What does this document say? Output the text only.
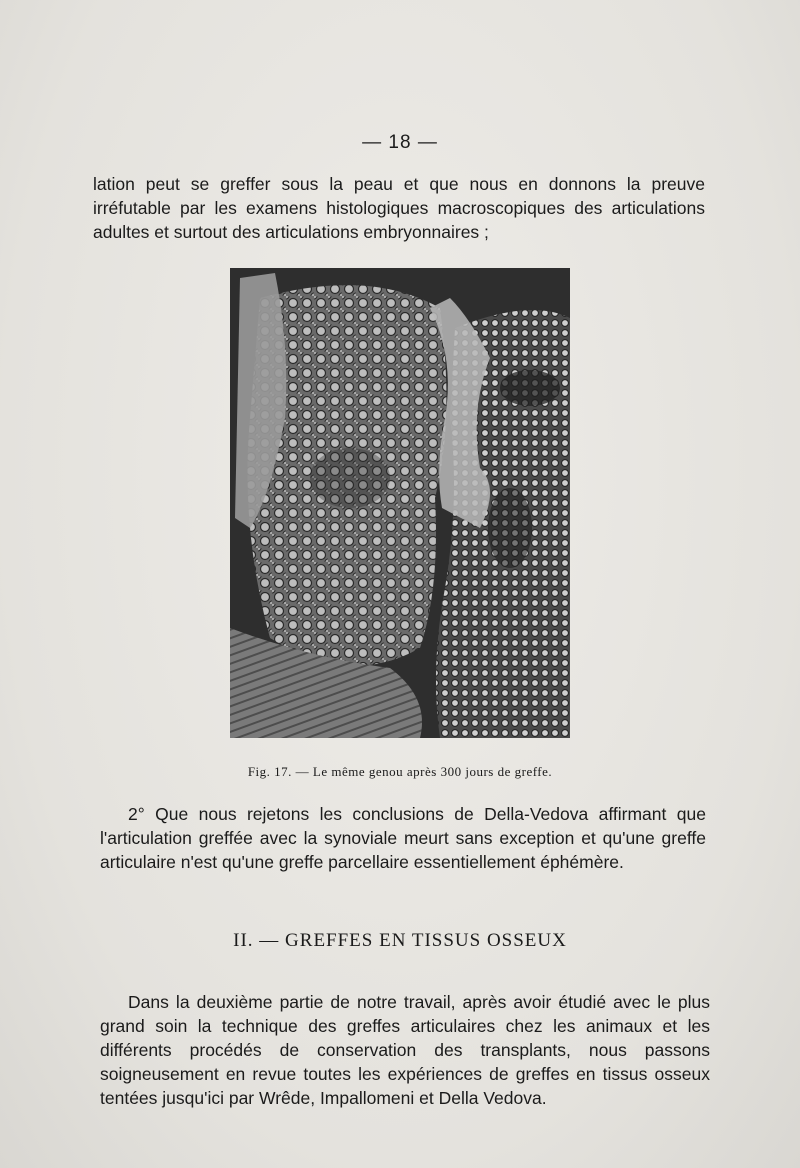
— 18 —

lation peut se greffer sous la peau et que nous en donnons la preuve irréfutable par les examens histologiques macroscopiques des articulations adultes et surtout des articulations embryonnaires ;

Fig. 17. — Le même genou après 300 jours de greffe.

2° Que nous rejetons les conclusions de Della-Vedova affirmant que l'articulation greffée avec la synoviale meurt sans exception et qu'une greffe articulaire n'est qu'une greffe parcellaire essentiellement éphémère.

II. — GREFFES EN TISSUS OSSEUX

Dans la deuxième partie de notre travail, après avoir étudié avec le plus grand soin la technique des greffes articulaires chez les animaux et les différents procédés de conservation des transplants, nous passons soigneusement en revue toutes les expériences de greffes en tissus osseux tentées jusqu'ici par Wrêde, Impallomeni et Della Vedova.
